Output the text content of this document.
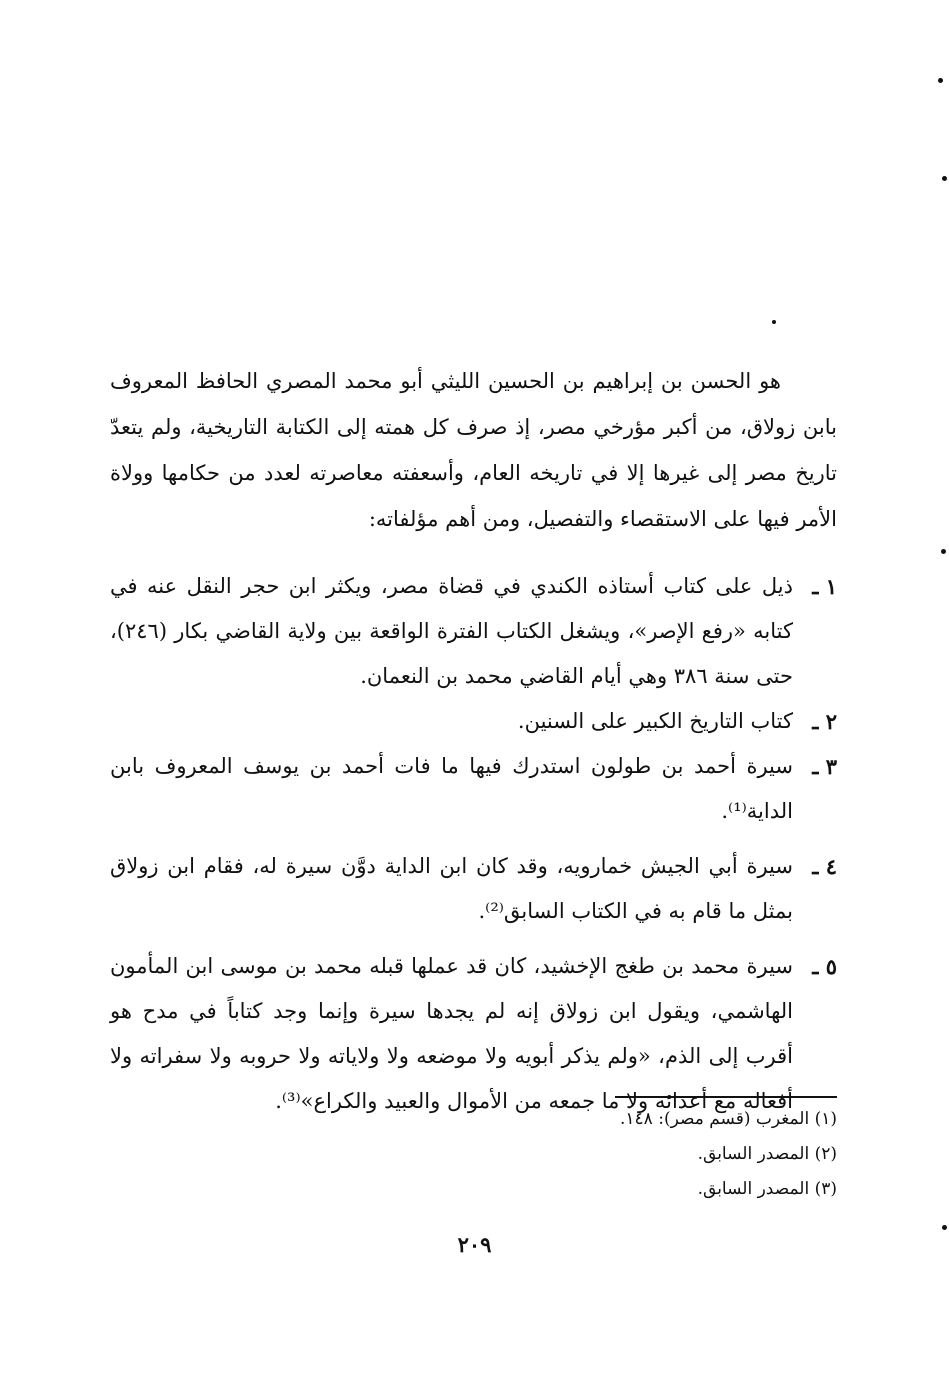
هو الحسن بن إبراهيم بن الحسين الليثي أبو محمد المصري الحافظ المعروف بابن زولاق، من أكبر مؤرخي مصر، إذ صرف كل همته إلى الكتابة التاريخية، ولم يتعدّ تاريخ مصر إلى غيرها إلا في تاريخه العام، وأسعفته معاصرته لعدد من حكامها وولاة الأمر فيها على الاستقصاء والتفصيل، ومن أهم مؤلفاته:

١ ـ
ذيل على كتاب أستاذه الكندي في قضاة مصر، ويكثر ابن حجر النقل عنه في كتابه «رفع الإصر»، ويشغل الكتاب الفترة الواقعة بين ولاية القاضي بكار (٢٤٦)، حتى سنة ٣٨٦ وهي أيام القاضي محمد بن النعمان.
٢ ـ
كتاب التاريخ الكبير على السنين.
٣ ـ
سيرة أحمد بن طولون استدرك فيها ما فات أحمد بن يوسف المعروف بابن الداية⁽¹⁾.
٤ ـ
سيرة أبي الجيش خمارويه، وقد كان ابن الداية دوَّن سيرة له، فقام ابن زولاق بمثل ما قام به في الكتاب السابق⁽²⁾.
٥ ـ
سيرة محمد بن طغج الإخشيد، كان قد عملها قبله محمد بن موسى ابن المأمون الهاشمي، ويقول ابن زولاق إنه لم يجدها سيرة وإنما وجد كتاباً في مدح هو أقرب إلى الذم، «ولم يذكر أبويه ولا موضعه ولا ولاياته ولا حروبه ولا سفراته ولا أفعاله مع أعدائه ولا ما جمعه من الأموال والعبيد والكراع»⁽³⁾.
(١) المغرب (قسم مصر): ١٤٨.
(٢) المصدر السابق.
(٣) المصدر السابق.
٢٠٩
